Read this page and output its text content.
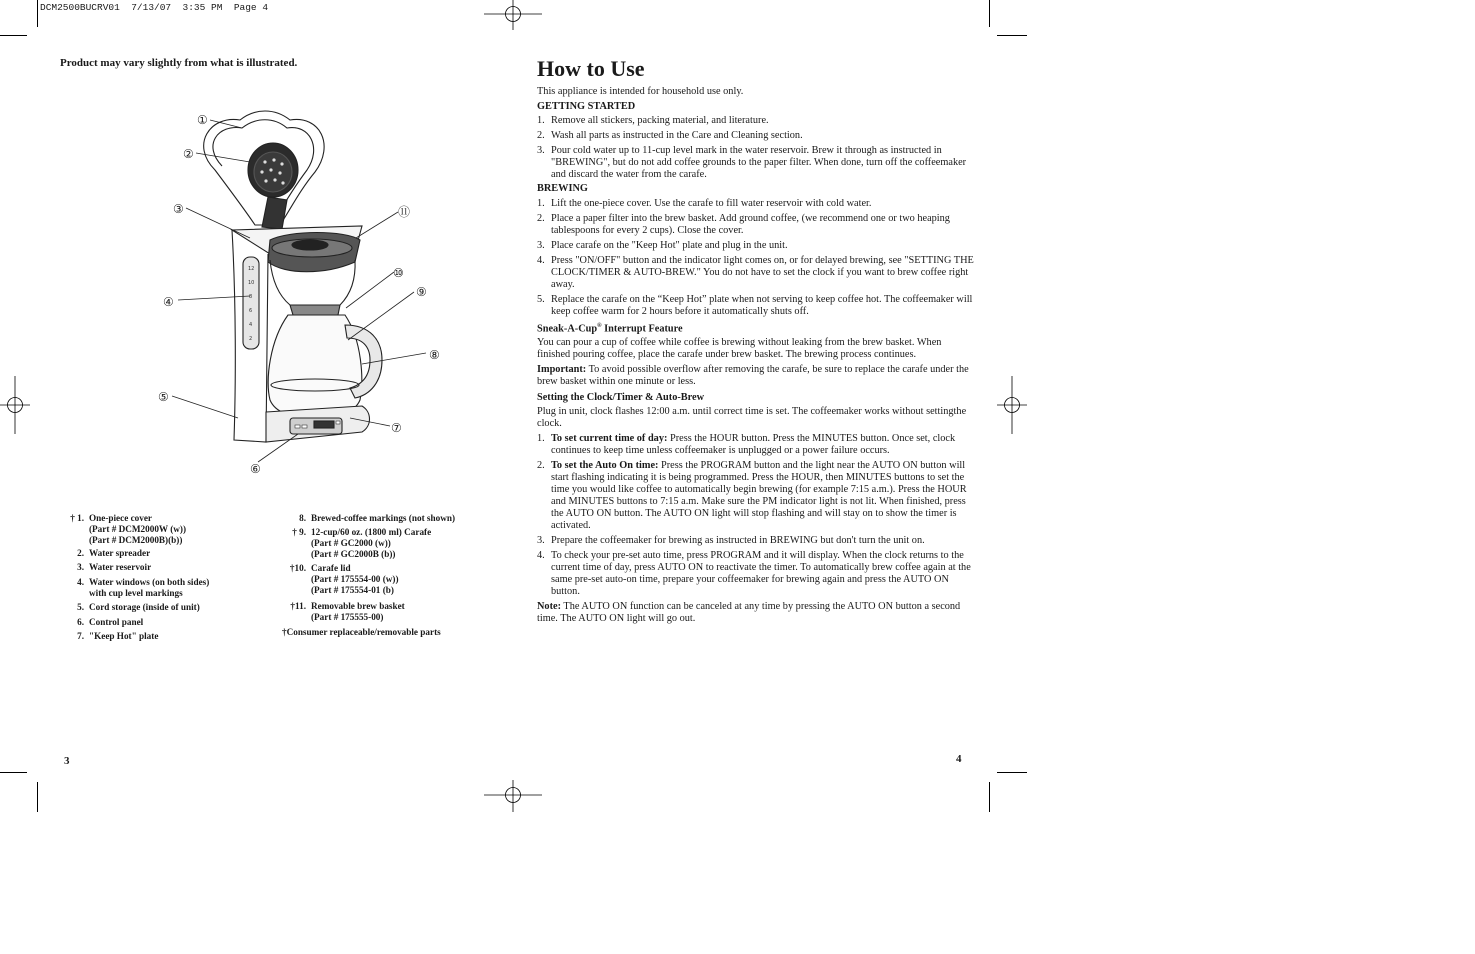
DCM2500BUCRV01  7/13/07  3:35 PM  Page 4
Product may vary slightly from what is illustrated.
12
10
8
6
4
2
①
②
③
④
⑤
⑥
⑦
⑧
⑨
⑩
⑪
† 1. One-piece cover
(Part # DCM2000W (w))
(Part # DCM2000B)(b))
2. Water spreader
3. Water reservoir
4. Water windows (on both sides)
with cup level markings
5. Cord storage (inside of unit)
6. Control panel
7. "Keep Hot" plate
8. Brewed-coffee markings (not shown)
† 9. 12-cup/60 oz. (1800 ml) Carafe
(Part # GC2000 (w))
(Part # GC2000B (b))
†10. Carafe lid
(Part # 175554-00 (w))
(Part # 175554-01 (b)
†11. Removable brew basket
(Part # 175555-00)
†Consumer replaceable/removable parts
3
How to Use

This appliance is intended for household use only.

GETTING STARTED

1. Remove all stickers, packing material, and literature.
2. Wash all parts as instructed in the Care and Cleaning section.
3. Pour cold water up to 11-cup level mark in the water reservoir. Brew it through as instructed in "BREWING", but do not add coffee grounds to the paper filter. When done, turn off the coffeemaker and discard the water from the carafe.

BREWING

1. Lift the one-piece cover. Use the carafe to fill water reservoir with cold water.
2. Place a paper filter into the brew basket. Add ground coffee, (we recommend one or two heaping tablespoons for every 2 cups). Close the cover.
3. Place carafe on the "Keep Hot" plate and plug in the unit.
4. Press "ON/OFF" button and the indicator light comes on, or for delayed brewing, see "SETTING THE CLOCK/TIMER & AUTO-BREW." You do not have to set the clock if you want to brew coffee right away.
5. Replace the carafe on the “Keep Hot” plate when not serving to keep coffee hot. The coffeemaker will keep coffee warm for 2 hours before it automatically shuts off.

Sneak-A-Cup® Interrupt Feature

You can pour a cup of coffee while coffee is brewing without leaking from the brew basket. When finished pouring coffee, place the carafe under brew basket. The brewing process continues.

Important: To avoid possible overflow after removing the carafe, be sure to replace the carafe under the brew basket within one minute or less.

Setting the Clock/Timer & Auto-Brew

Plug in unit, clock flashes 12:00 a.m. until correct time is set. The coffeemaker works without settingthe clock.

1. To set current time of day: Press the HOUR button. Press the MINUTES button. Once set, clock continues to keep time unless coffeemaker is unplugged or a power failure occurs.
2. To set the Auto On time: Press the PROGRAM button and the light near the AUTO ON button will start flashing indicating it is being programmed. Press the HOUR, then MINUTES buttons to set the time you would like coffee to automatically begin brewing (for example 7:15 a.m.). Press the HOUR and MINUTES buttons to 7:15 a.m. Make sure the PM indicator light is not lit. When finished, press the AUTO ON button. The AUTO ON light will stop flashing and will stay on to show the timer is activated.
3. Prepare the coffeemaker for brewing as instructed in BREWING but don't turn the unit on.
4. To check your pre-set auto time, press PROGRAM and it will display. When the clock returns to the current time of day, press AUTO ON to reactivate the timer. To automatically brew coffee again at the same pre-set auto-on time, prepare your coffeemaker for brewing again and press the AUTO ON button.

Note: The AUTO ON function can be canceled at any time by pressing the AUTO ON button a second time. The AUTO ON light will go out.

4
